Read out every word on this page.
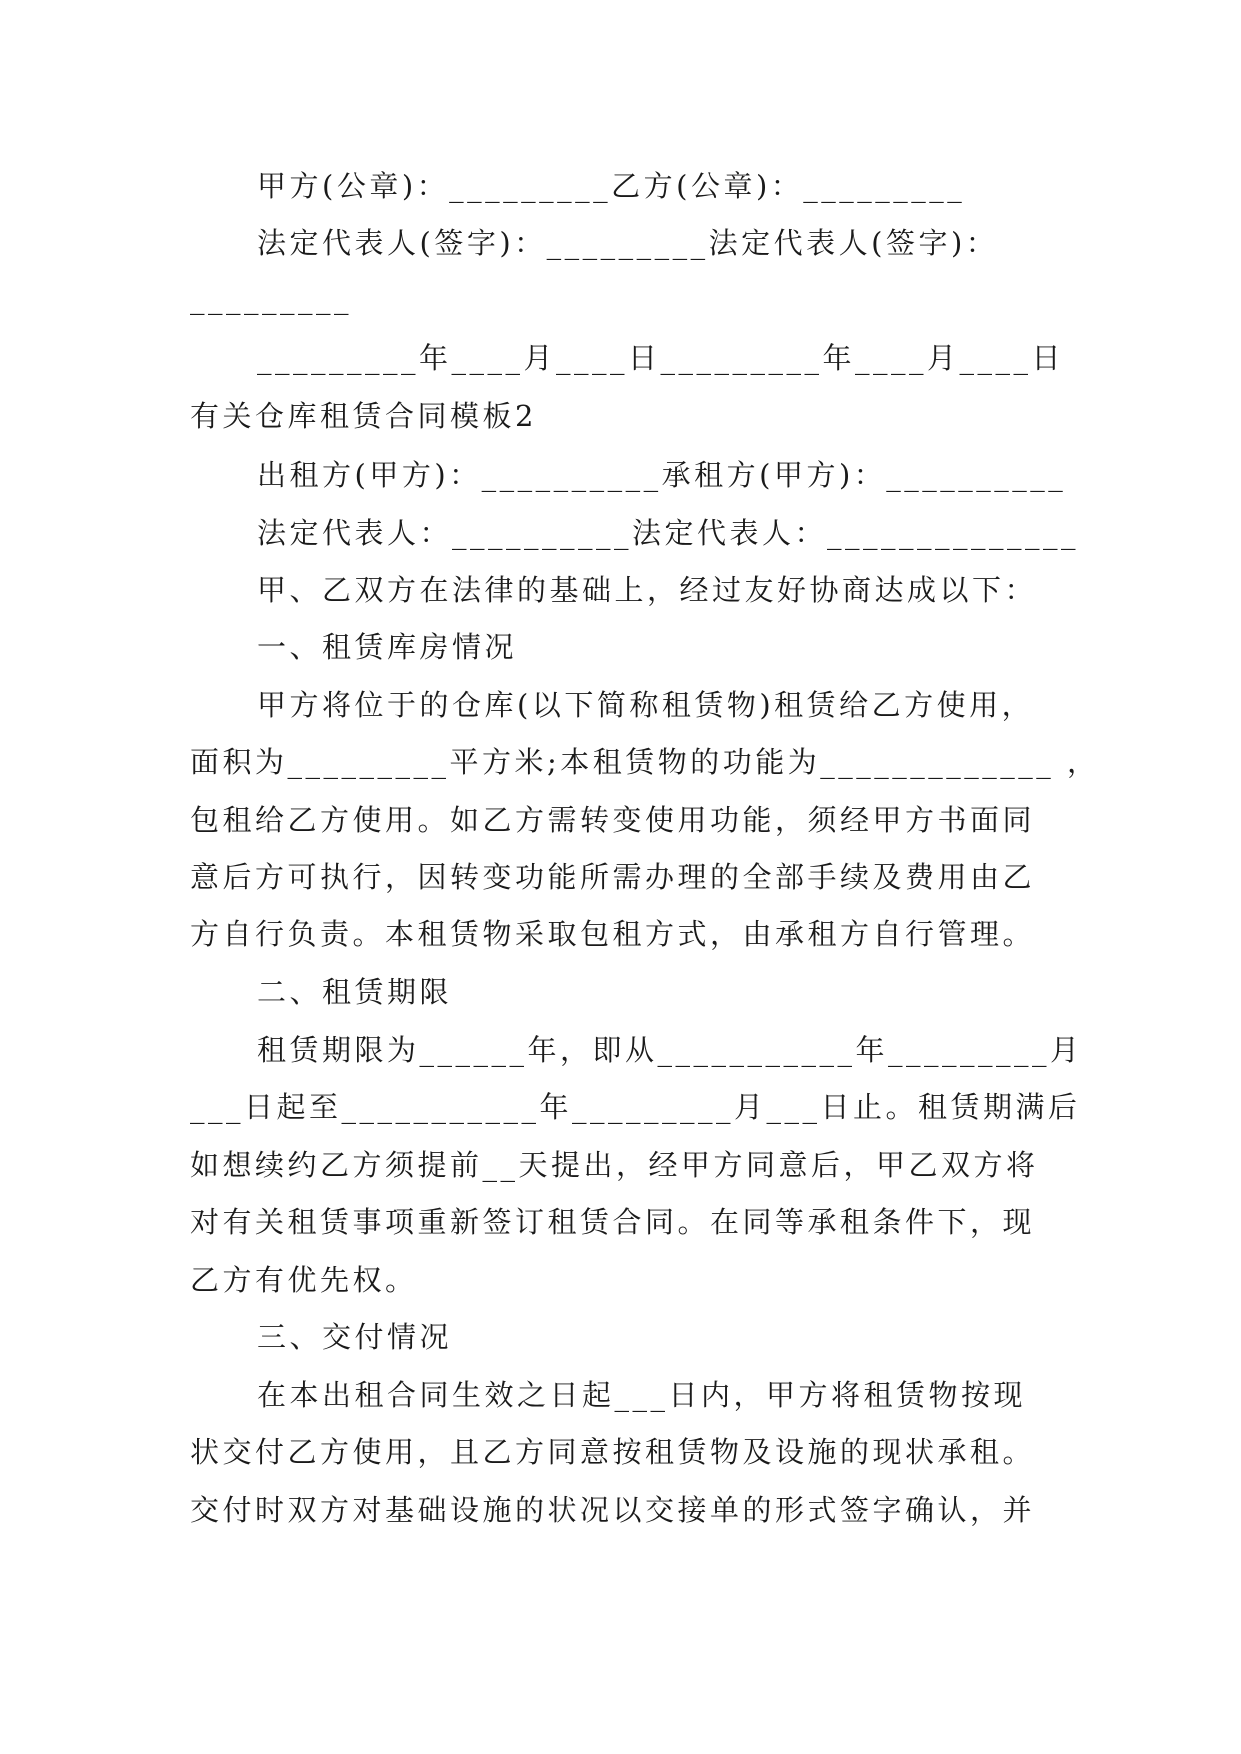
甲方(公章)：_________乙方(公章)：_________
法定代表人(签字)：_________法定代表人(签字)：
_________
_________年____月____日_________年____月____日
有关仓库租赁合同模板2
出租方(甲方)：__________承租方(甲方)：__________
法定代表人：__________法定代表人：______________
甲、乙双方在法律的基础上，经过友好协商达成以下：
一、租赁库房情况
甲方将位于的仓库(以下简称租赁物)租赁给乙方使用，
面积为_________平方米;本租赁物的功能为_____________ ，
包租给乙方使用。如乙方需转变使用功能，须经甲方书面同
意后方可执行，因转变功能所需办理的全部手续及费用由乙
方自行负责。本租赁物采取包租方式，由承租方自行管理。
二、租赁期限
租赁期限为______年，即从___________年_________月
___日起至___________年_________月___日止。租赁期满后
如想续约乙方须提前__天提出，经甲方同意后，甲乙双方将
对有关租赁事项重新签订租赁合同。在同等承租条件下，现
乙方有优先权。
三、交付情况
在本出租合同生效之日起___日内，甲方将租赁物按现
状交付乙方使用，且乙方同意按租赁物及设施的现状承租。
交付时双方对基础设施的状况以交接单的形式签字确认，并
